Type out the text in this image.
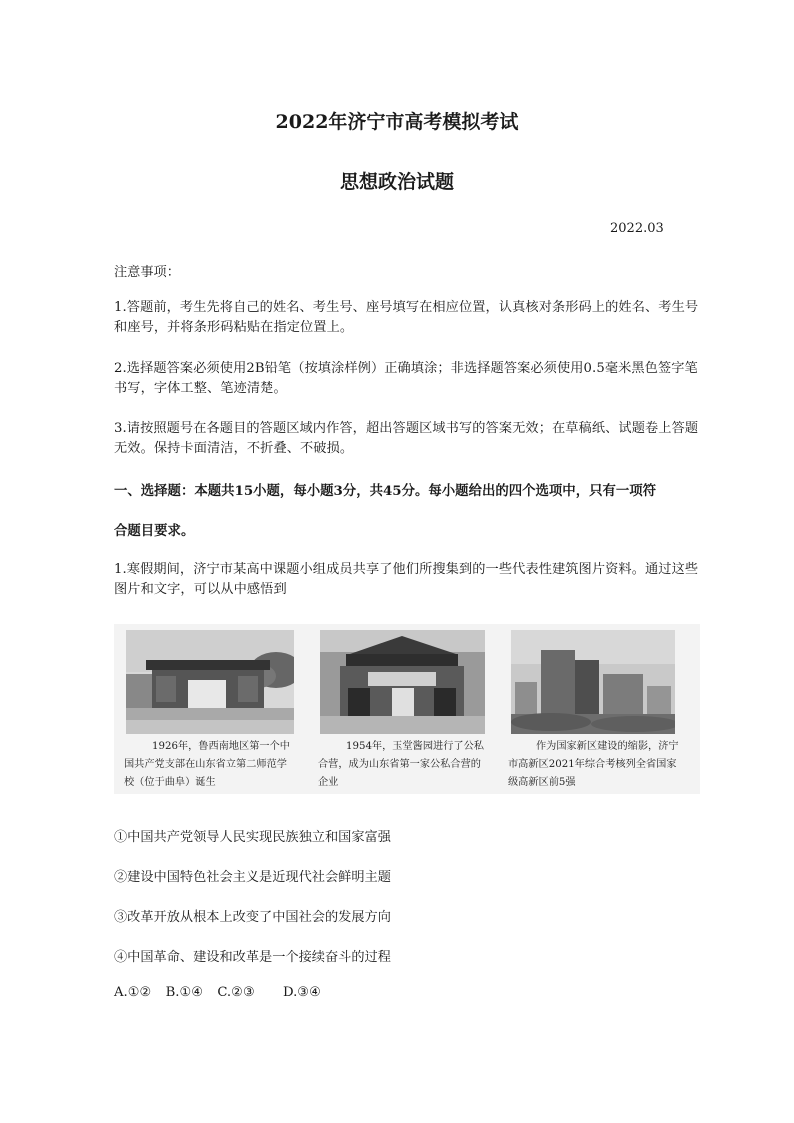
2022年济宁市高考模拟考试
思想政治试题
2022.03
注意事项：
1.答题前，考生先将自己的姓名、考生号、座号填写在相应位置，认真核对条形码上的姓名、考生号和座号，并将条形码粘贴在指定位置上。
2.选择题答案必须使用2B铅笔（按填涂样例）正确填涂；非选择题答案必须使用0.5毫米黑色签字笔书写，字体工整、笔迹清楚。
3.请按照题号在各题目的答题区域内作答，超出答题区域书写的答案无效；在草稿纸、试题卷上答题无效。保持卡面清洁，不折叠、不破损。
一、选择题：本题共15小题，每小题3分，共45分。每小题给出的四个选项中，只有一项符
合题目要求。
1.寒假期间，济宁市某高中课题小组成员共享了他们所搜集到的一些代表性建筑图片资料。通过这些图片和文字，可以从中感悟到
1926年，鲁西南地区第一个中国共产党支部在山东省立第二师范学校（位于曲阜）诞生
1954年，玉堂酱园进行了公私合营，成为山东省第一家公私合营的企业
作为国家新区建设的缩影，济宁市高新区2021年综合考核列全省国家级高新区前5强
①中国共产党领导人民实现民族独立和国家富强
②建设中国特色社会主义是近现代社会鲜明主题
③改革开放从根本上改变了中国社会的发展方向
④中国革命、建设和改革是一个接续奋斗的过程
A.①② B.①④ C.②③ D.③④
